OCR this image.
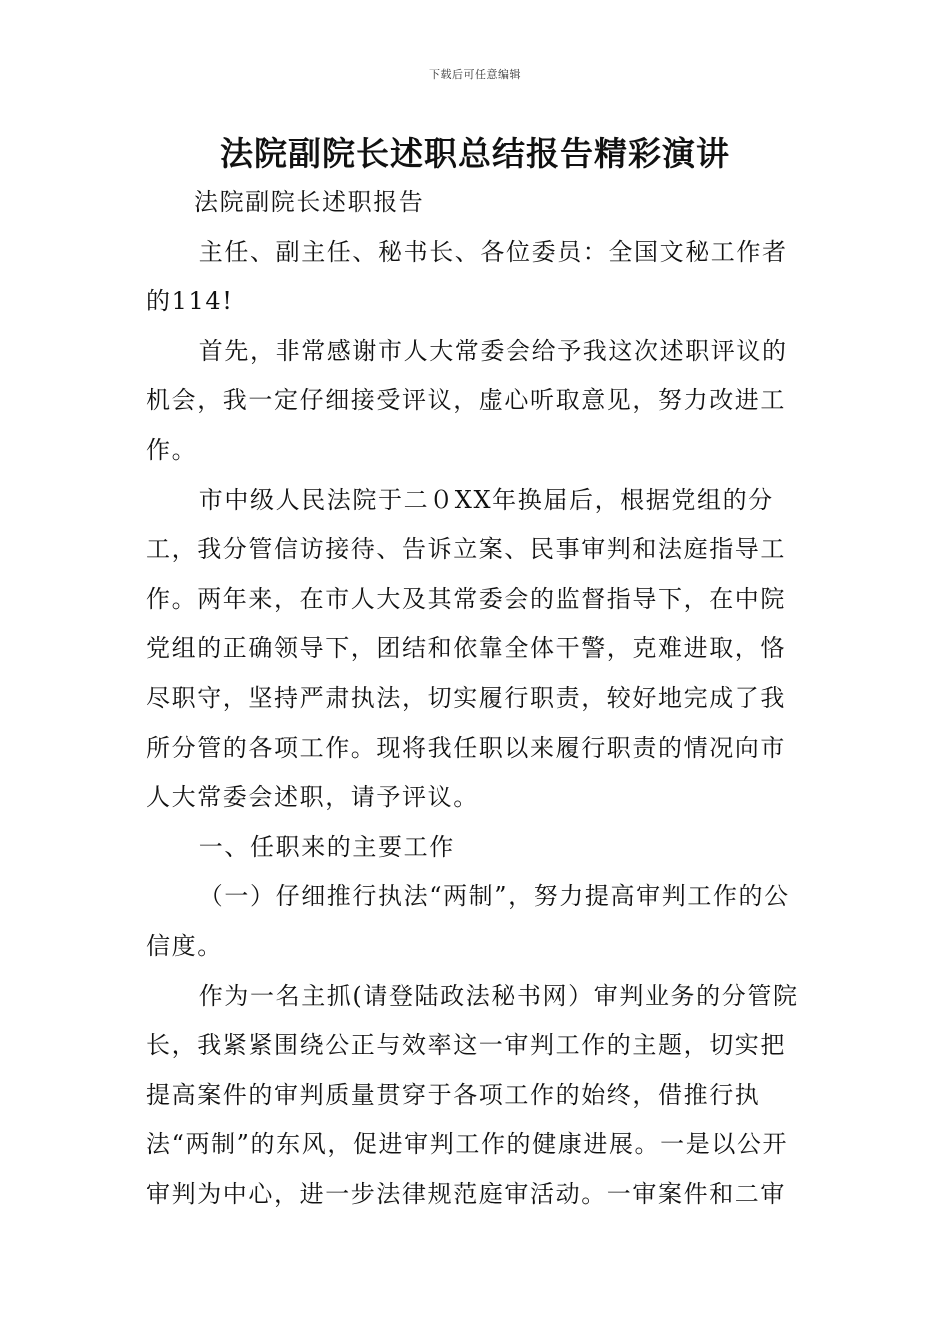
下载后可任意编辑
法院副院长述职总结报告精彩演讲

法院副院长述职报告

主任、副主任、秘书长、各位委员：全国文秘工作者的114!

首先，非常感谢市人大常委会给予我这次述职评议的机会，我一定仔细接受评议，虚心听取意见，努力改进工作。

市中级人民法院于二０XX年换届后，根据党组的分工，我分管信访接待、告诉立案、民事审判和法庭指导工作。两年来，在市人大及其常委会的监督指导下，在中院党组的正确领导下，团结和依靠全体干警，克难进取，恪尽职守，坚持严肃执法，切实履行职责，较好地完成了我所分管的各项工作。现将我任职以来履行职责的情况向市人大常委会述职，请予评议。

一、任职来的主要工作

（一）仔细推行执法“两制”，努力提高审判工作的公信度。

作为一名主抓(请登陆政法秘书网）审判业务的分管院长，我紧紧围绕公正与效率这一审判工作的主题，切实把提高案件的审判质量贯穿于各项工作的始终，借推行执法“两制”的东风，促进审判工作的健康进展。一是以公开审判为中心，进一步法律规范庭审活动。一审案件和二审
